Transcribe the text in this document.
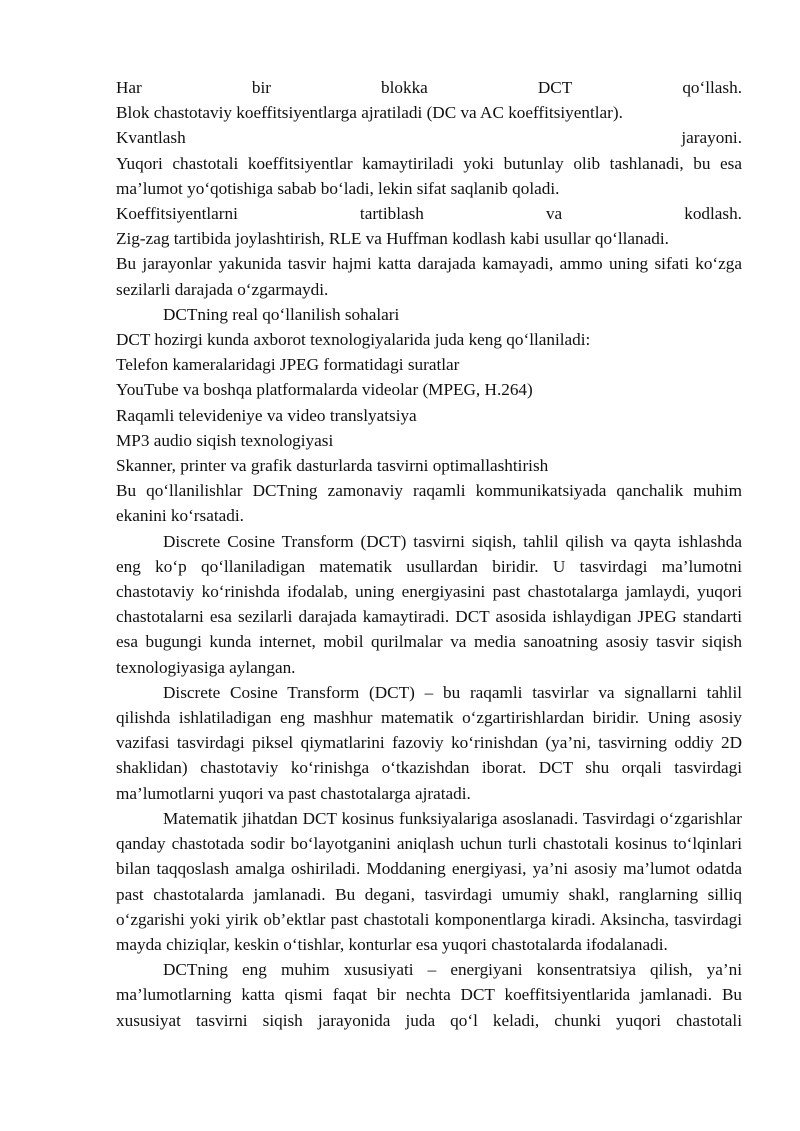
Har	bir	blokka	DCT	qo‘llash.

Blok chastotaviy koeffitsiyentlarga ajratiladi (DC va AC koeffitsiyentlar).

Kvantlash	jarayoni.

Yuqori chastotali koeffitsiyentlar kamaytiriladi yoki butunlay olib tashlanadi, bu esa ma’lumot yo‘qotishiga sabab bo‘ladi, lekin sifat saqlanib qoladi.

Koeffitsiyentlarni	tartiblash	va	kodlash.

Zig-zag tartibida joylashtirish, RLE va Huffman kodlash kabi usullar qo‘llanadi.

Bu jarayonlar yakunida tasvir hajmi katta darajada kamayadi, ammo uning sifati ko‘zga sezilarli darajada o‘zgarmaydi.

DCTning real qo‘llanilish sohalari

DCT hozirgi kunda axborot texnologiyalarida juda keng qo‘llaniladi:

Telefon kameralaridagi JPEG formatidagi suratlar

YouTube va boshqa platformalarda videolar (MPEG, H.264)

Raqamli televideniye va video translyatsiya

MP3 audio siqish texnologiyasi

Skanner, printer va grafik dasturlarda tasvirni optimallashtirish

Bu qo‘llanilishlar DCTning zamonaviy raqamli kommunikatsiyada qanchalik muhim ekanini ko‘rsatadi.

Discrete Cosine Transform (DCT) tasvirni siqish, tahlil qilish va qayta ishlashda eng ko‘p qo‘llaniladigan matematik usullardan biridir. U tasvirdagi ma’lumotni chastotaviy ko‘rinishda ifodalab, uning energiyasini past chastotalarga jamlaydi, yuqori chastotalarni esa sezilarli darajada kamaytiradi. DCT asosida ishlaydigan JPEG standarti esa bugungi kunda internet, mobil qurilmalar va media sanoatning asosiy tasvir siqish texnologiyasiga aylangan.

Discrete Cosine Transform (DCT) – bu raqamli tasvirlar va signallarni tahlil qilishda ishlatiladigan eng mashhur matematik o‘zgartirishlardan biridir. Uning asosiy vazifasi tasvirdagi piksel qiymatlarini fazoviy ko‘rinishdan (ya’ni, tasvirning oddiy 2D shaklidan) chastotaviy ko‘rinishga o‘tkazishdan iborat. DCT shu orqali tasvirdagi ma’lumotlarni yuqori va past chastotalarga ajratadi.

Matematik jihatdan DCT kosinus funksiyalariga asoslanadi. Tasvirdagi o‘zgarishlar qanday chastotada sodir bo‘layotganini aniqlash uchun turli chastotali kosinus to‘lqinlari bilan taqqoslash amalga oshiriladi. Moddaning energiyasi, ya’ni asosiy ma’lumot odatda past chastotalarda jamlanadi. Bu degani, tasvirdagi umumiy shakl, ranglarning silliq o‘zgarishi yoki yirik ob’ektlar past chastotali komponentlarga kiradi. Aksincha, tasvirdagi mayda chiziqlar, keskin o‘tishlar, konturlar esa yuqori chastotalarda ifodalanadi.

DCTning eng muhim xususiyati – energiyani konsentratsiya qilish, ya’ni ma’lumotlarning katta qismi faqat bir nechta DCT koeffitsiyentlarida jamlanadi. Bu xususiyat tasvirni siqish jarayonida juda qo‘l keladi, chunki yuqori chastotali
